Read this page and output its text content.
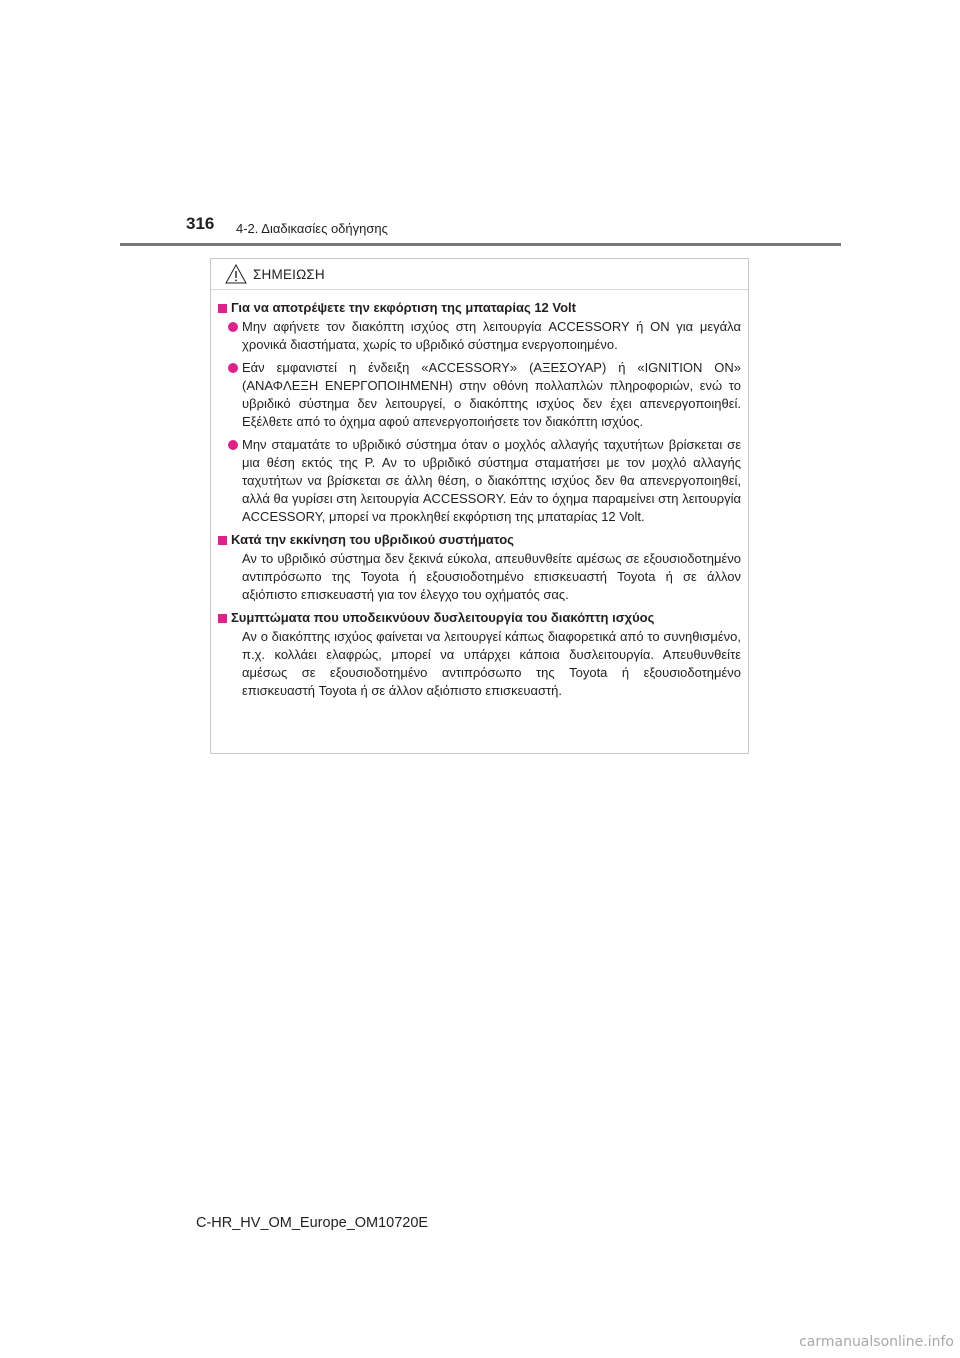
316 4-2. Διαδικασίες οδήγησης
ΣΗΜΕΙΩΣΗ
Για να αποτρέψετε την εκφόρτιση της μπαταρίας 12 Volt
Μην αφήνετε τον διακόπτη ισχύος στη λειτουργία ACCESSORY ή ON για μεγάλα χρονικά διαστήματα, χωρίς το υβριδικό σύστημα ενεργοποιημένο.
Εάν εμφανιστεί η ένδειξη «ACCESSORY» (ΑΞΕΣΟΥΑΡ) ή «IGNITION ON» (ΑΝΑΦΛΕΞΗ ΕΝΕΡΓΟΠΟΙΗΜΕΝΗ) στην οθόνη πολλαπλών πληροφοριών, ενώ το υβριδικό σύστημα δεν λειτουργεί, ο διακόπτης ισχύος δεν έχει απενεργοποιηθεί. Εξέλθετε από το όχημα αφού απενεργοποιήσετε τον διακόπτη ισχύος.
Μην σταματάτε το υβριδικό σύστημα όταν ο μοχλός αλλαγής ταχυτήτων βρίσκεται σε μια θέση εκτός της P. Αν το υβριδικό σύστημα σταματήσει με τον μοχλό αλλαγής ταχυτήτων να βρίσκεται σε άλλη θέση, ο διακόπτης ισχύος δεν θα απενεργοποιηθεί, αλλά θα γυρίσει στη λειτουργία ACCESSORY. Εάν το όχημα παραμείνει στη λειτουργία ACCESSORY, μπορεί να προκληθεί εκφόρτιση της μπαταρίας 12 Volt.
Κατά την εκκίνηση του υβριδικού συστήματος
Αν το υβριδικό σύστημα δεν ξεκινά εύκολα, απευθυνθείτε αμέσως σε εξουσιοδοτημένο αντιπρόσωπο της Toyota ή εξουσιοδοτημένο επισκευαστή Toyota ή σε άλλον αξιόπιστο επισκευαστή για τον έλεγχο του οχήματός σας.
Συμπτώματα που υποδεικνύουν δυσλειτουργία του διακόπτη ισχύος
Αν ο διακόπτης ισχύος φαίνεται να λειτουργεί κάπως διαφορετικά από το συνηθισμένο, π.χ. κολλάει ελαφρώς, μπορεί να υπάρχει κάποια δυσλειτουργία. Απευθυνθείτε αμέσως σε εξουσιοδοτημένο αντιπρόσωπο της Toyota ή εξουσιοδοτημένο επισκευαστή Toyota ή σε άλλον αξιόπιστο επισκευαστή.
C-HR_HV_OM_Europe_OM10720E
carmanualsonline.info
